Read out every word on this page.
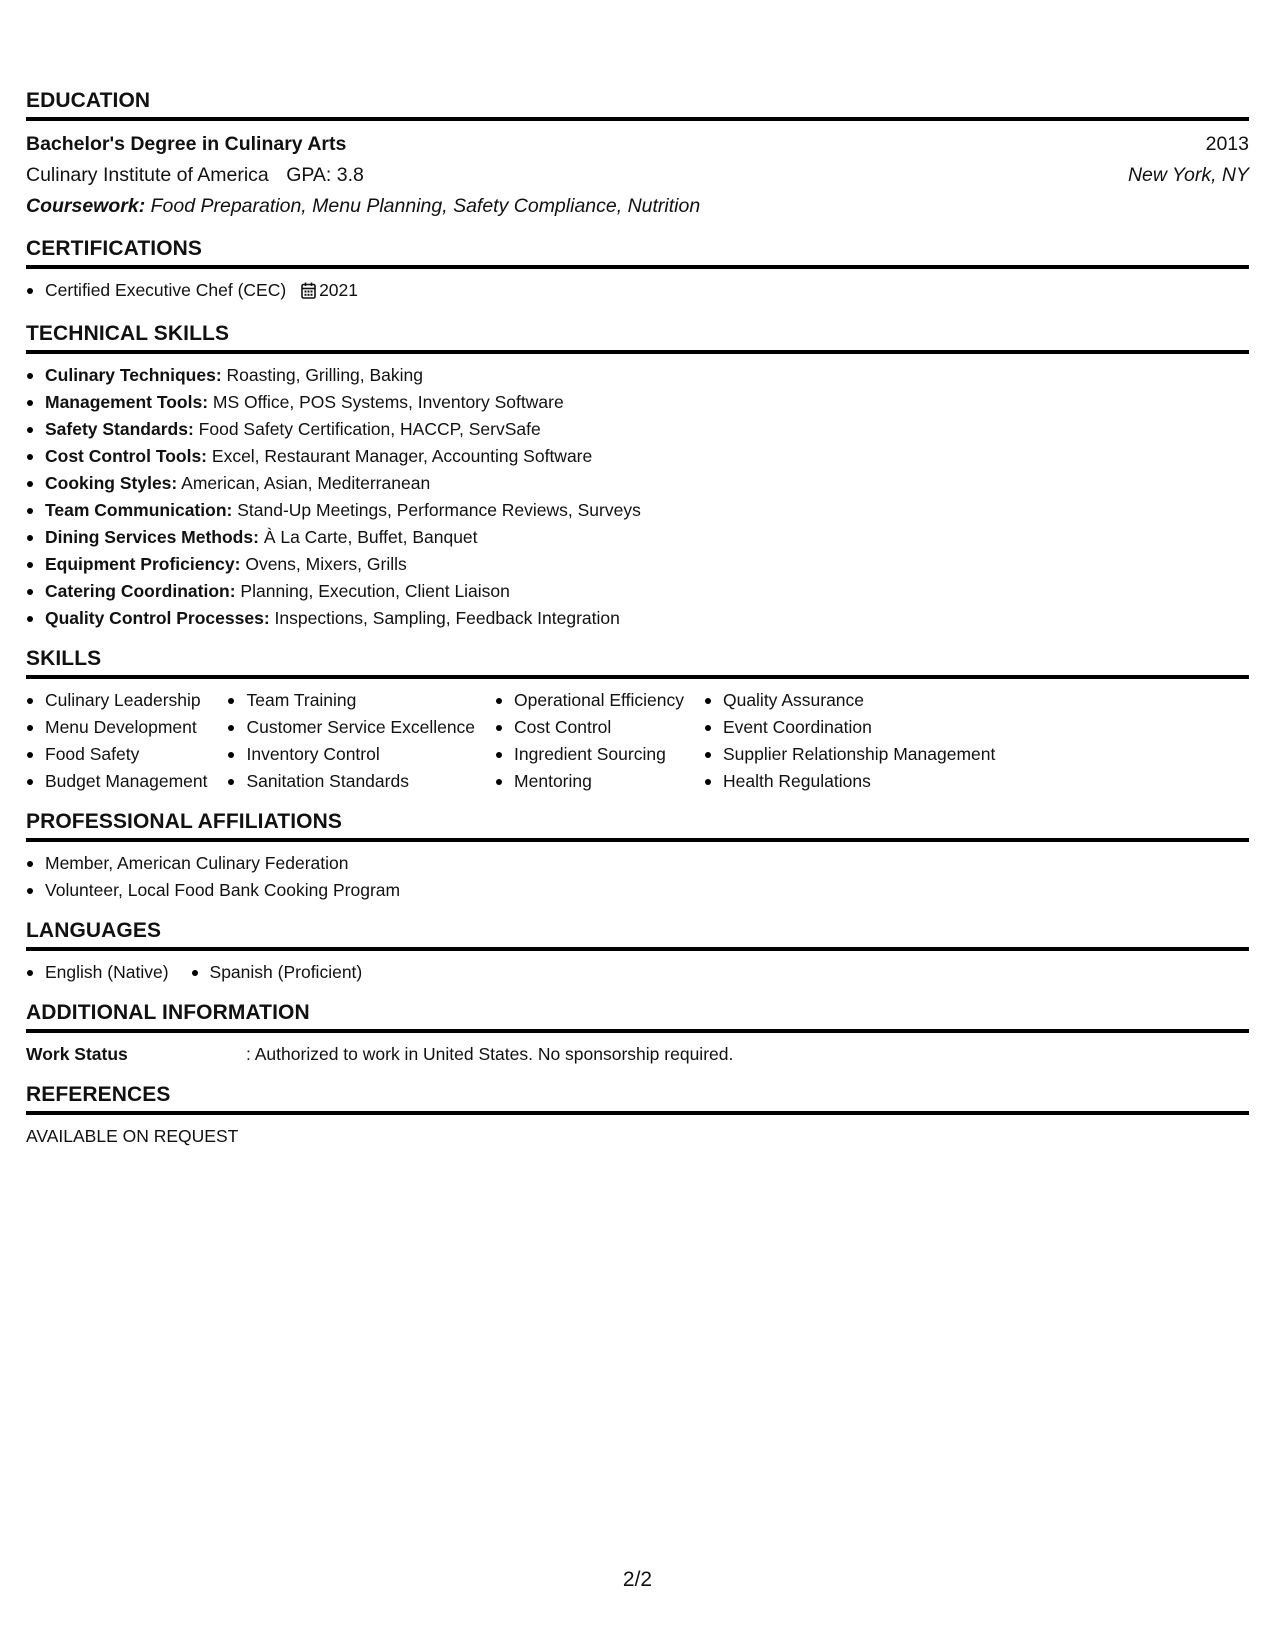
EDUCATION
Bachelor's Degree in Culinary Arts	2013
Culinary Institute of America GPA: 3.8	New York, NY
Coursework: Food Preparation, Menu Planning, Safety Compliance, Nutrition
CERTIFICATIONS
Certified Executive Chef (CEC) 2021
TECHNICAL SKILLS
Culinary Techniques: Roasting, Grilling, Baking
Management Tools: MS Office, POS Systems, Inventory Software
Safety Standards: Food Safety Certification, HACCP, ServSafe
Cost Control Tools: Excel, Restaurant Manager, Accounting Software
Cooking Styles: American, Asian, Mediterranean
Team Communication: Stand-Up Meetings, Performance Reviews, Surveys
Dining Services Methods: À La Carte, Buffet, Banquet
Equipment Proficiency: Ovens, Mixers, Grills
Catering Coordination: Planning, Execution, Client Liaison
Quality Control Processes: Inspections, Sampling, Feedback Integration
SKILLS
Culinary Leadership
Menu Development
Food Safety
Budget Management
Team Training
Customer Service Excellence
Inventory Control
Sanitation Standards
Operational Efficiency
Cost Control
Ingredient Sourcing
Mentoring
Quality Assurance
Event Coordination
Supplier Relationship Management
Health Regulations
PROFESSIONAL AFFILIATIONS
Member, American Culinary Federation
Volunteer, Local Food Bank Cooking Program
LANGUAGES
English (Native)	Spanish (Proficient)
ADDITIONAL INFORMATION
Work Status	: Authorized to work in United States. No sponsorship required.
REFERENCES
AVAILABLE ON REQUEST
2/2
